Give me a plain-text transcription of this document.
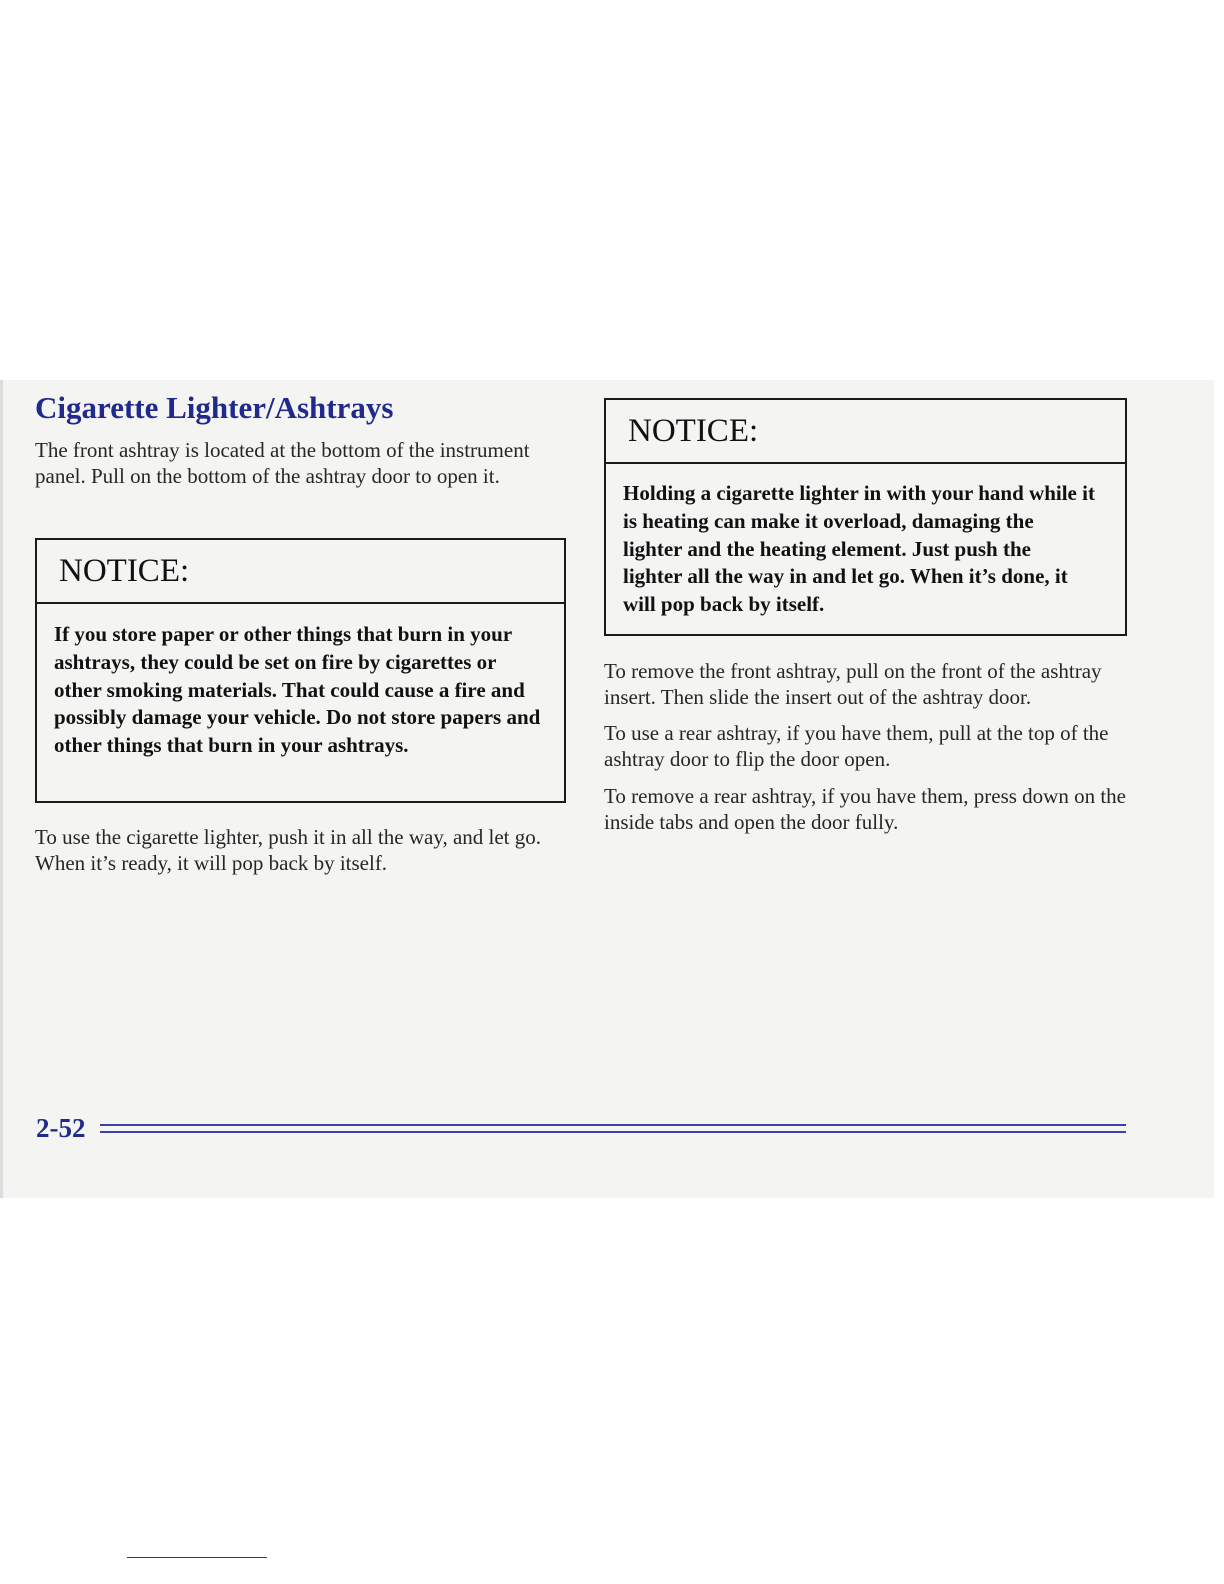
Cigarette Lighter/Ashtrays

The front ashtray is located at the bottom of the instrument panel. Pull on the bottom of the ashtray door to open it.

NOTICE:

If you store paper or other things that burn in your ashtrays, they could be set on fire by cigarettes or other smoking materials. That could cause a fire and possibly damage your vehicle. Do not store papers and other things that burn in your ashtrays.

To use the cigarette lighter, push it in all the way, and let go. When it’s ready, it will pop back by itself.

NOTICE:

Holding a cigarette lighter in with your hand while it is heating can make it overload, damaging the lighter and the heating element. Just push the lighter all the way in and let go. When it’s done, it will pop back by itself.

To remove the front ashtray, pull on the front of the ashtray insert. Then slide the insert out of the ashtray door.

To use a rear ashtray, if you have them, pull at the top of the ashtray door to flip the door open.

To remove a rear ashtray, if you have them, press down on the inside tabs and open the door fully.

2-52
